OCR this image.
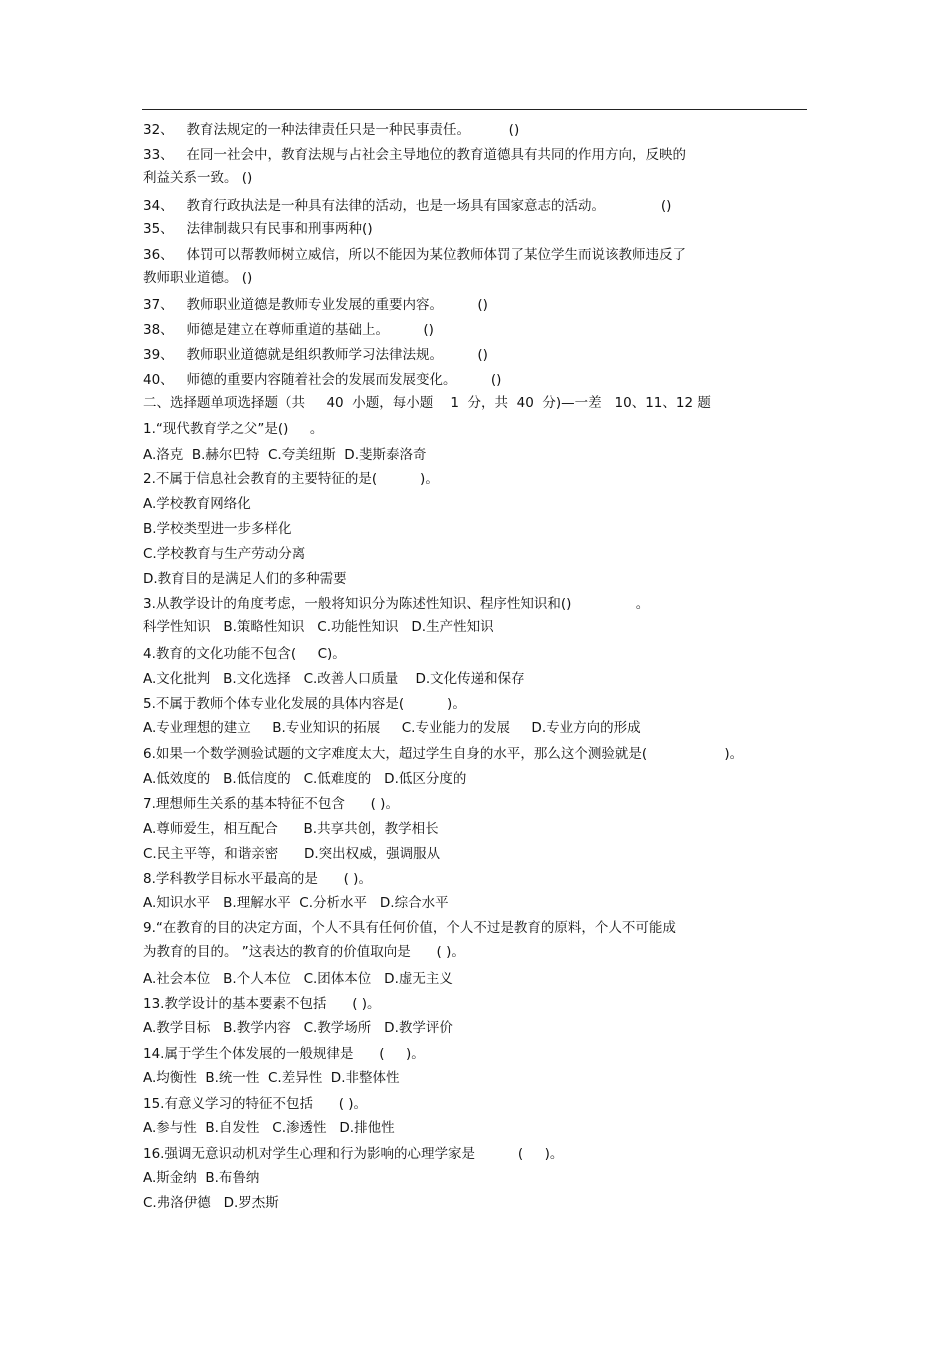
32、   教育法规定的一种法律责任只是一种民事责任。         ()
33、   在同一社会中，教育法规与占社会主导地位的教育道德具有共同的作用方向，反映的
利益关系一致。 ()
34、   教育行政执法是一种具有法律的活动，也是一场具有国家意志的活动。             ()
35、   法律制裁只有民事和刑事两种()
36、   体罚可以帮教师树立威信，所以不能因为某位教师体罚了某位学生而说该教师违反了
教师职业道德。 ()
37、   教师职业道德是教师专业发展的重要内容。        ()
38、   师德是建立在尊师重道的基础上。        ()
39、   教师职业道德就是组织教师学习法律法规。        ()
40、   师德的重要内容随着社会的发展而发展变化。        ()
二、选择题单项选择题（共     40  小题，每小题    1  分，共  40  分)—一差   10、11、12 题
1.“现代教育学之父”是()     。
A.洛克  B.赫尔巴特  C.夸美纽斯  D.斐斯泰洛奇
2.不属于信息社会教育的主要特征的是(          )。
A.学校教育网络化
B.学校类型进一步多样化
C.学校教育与生产劳动分离
D.教育目的是满足人们的多种需要
3.从教学设计的角度考虑，一般将知识分为陈述性知识、程序性知识和()               。
科学性知识   B.策略性知识   C.功能性知识   D.生产性知识
4.教育的文化功能不包含(     C)。
A.文化批判   B.文化选择   C.改善人口质量    D.文化传递和保存
5.不属于教师个体专业化发展的具体内容是(          )。
A.专业理想的建立     B.专业知识的拓展     C.专业能力的发展     D.专业方向的形成
6.如果一个数学测验试题的文字难度太大，超过学生自身的水平，那么这个测验就是(                  )。
A.低效度的   B.低信度的   C.低难度的   D.低区分度的
7.理想师生关系的基本特征不包含      ( )。
A.尊师爱生，相互配合      B.共享共创，教学相长
C.民主平等，和谐亲密      D.突出权威，强调服从
8.学科教学目标水平最高的是      ( )。
A.知识水平   B.理解水平  C.分析水平   D.综合水平
9.“在教育的目的决定方面，个人不具有任何价值，个人不过是教育的原料，个人不可能成
为教育的目的。 ”这表达的教育的价值取向是      ( )。
A.社会本位   B.个人本位   C.团体本位   D.虚无主义
13.教学设计的基本要素不包括      ( )。
A.教学目标   B.教学内容   C.教学场所   D.教学评价
14.属于学生个体发展的一般规律是      (     )。
A.均衡性  B.统一性  C.差异性  D.非整体性
15.有意义学习的特征不包括      ( )。
A.参与性  B.自发性   C.渗透性   D.排他性
16.强调无意识动机对学生心理和行为影响的心理学家是          (     )。
A.斯金纳  B.布鲁纳
C.弗洛伊德   D.罗杰斯
